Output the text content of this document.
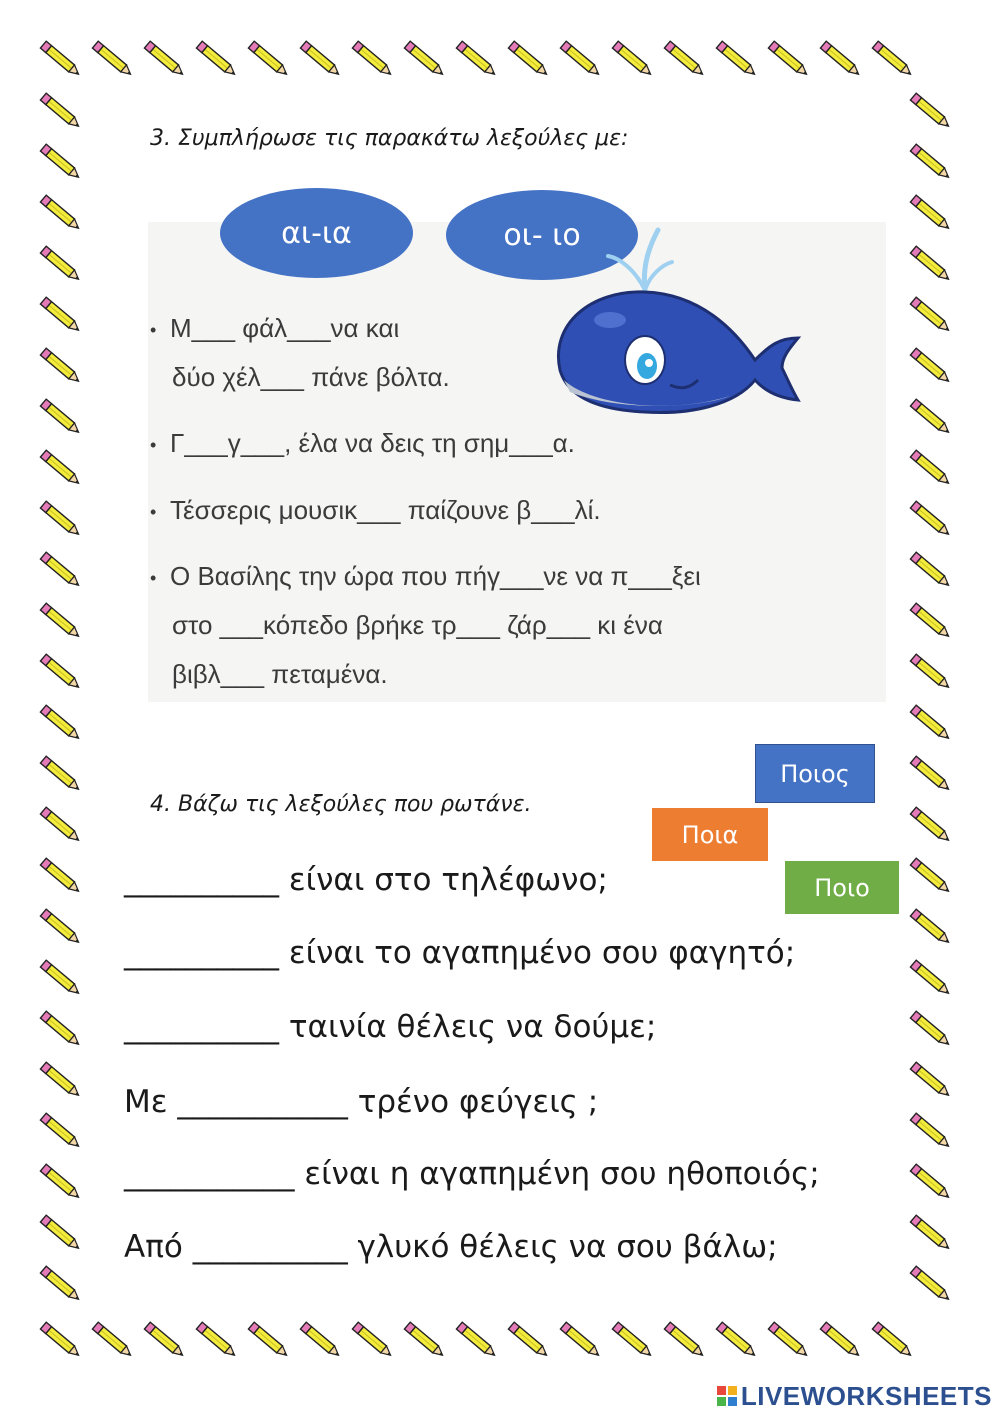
3. Συμπλήρωσε τις παρακάτω λεξούλες με:
αι-ια	οι- ιο
• Μ___ φάλ___να και
δύο χέλ___ πάνε βόλτα.
• Γ___γ___, έλα να δεις τη σημ___α.
• Τέσσερις μουσικ___ παίζουνε β___λί.
• Ο Βασίλης την ώρα που πήγ___νε να π___ξει
στο ___κόπεδο βρήκε τρ___ ζάρ___ κι ένα
βιβλ___ πεταμένα.
4. Βάζω τις λεξούλες που ρωτάνε.
Ποιος
Ποια
Ποιο
__________ είναι στο τηλέφωνο;
__________ είναι το αγαπημένο σου φαγητό;
__________ ταινία θέλεις να δούμε;
Με ___________ τρένο φεύγεις ;
___________ είναι η αγαπημένη σου ηθοποιός;
Από __________ γλυκό θέλεις να σου βάλω;
LIVEWORKSHEETS
